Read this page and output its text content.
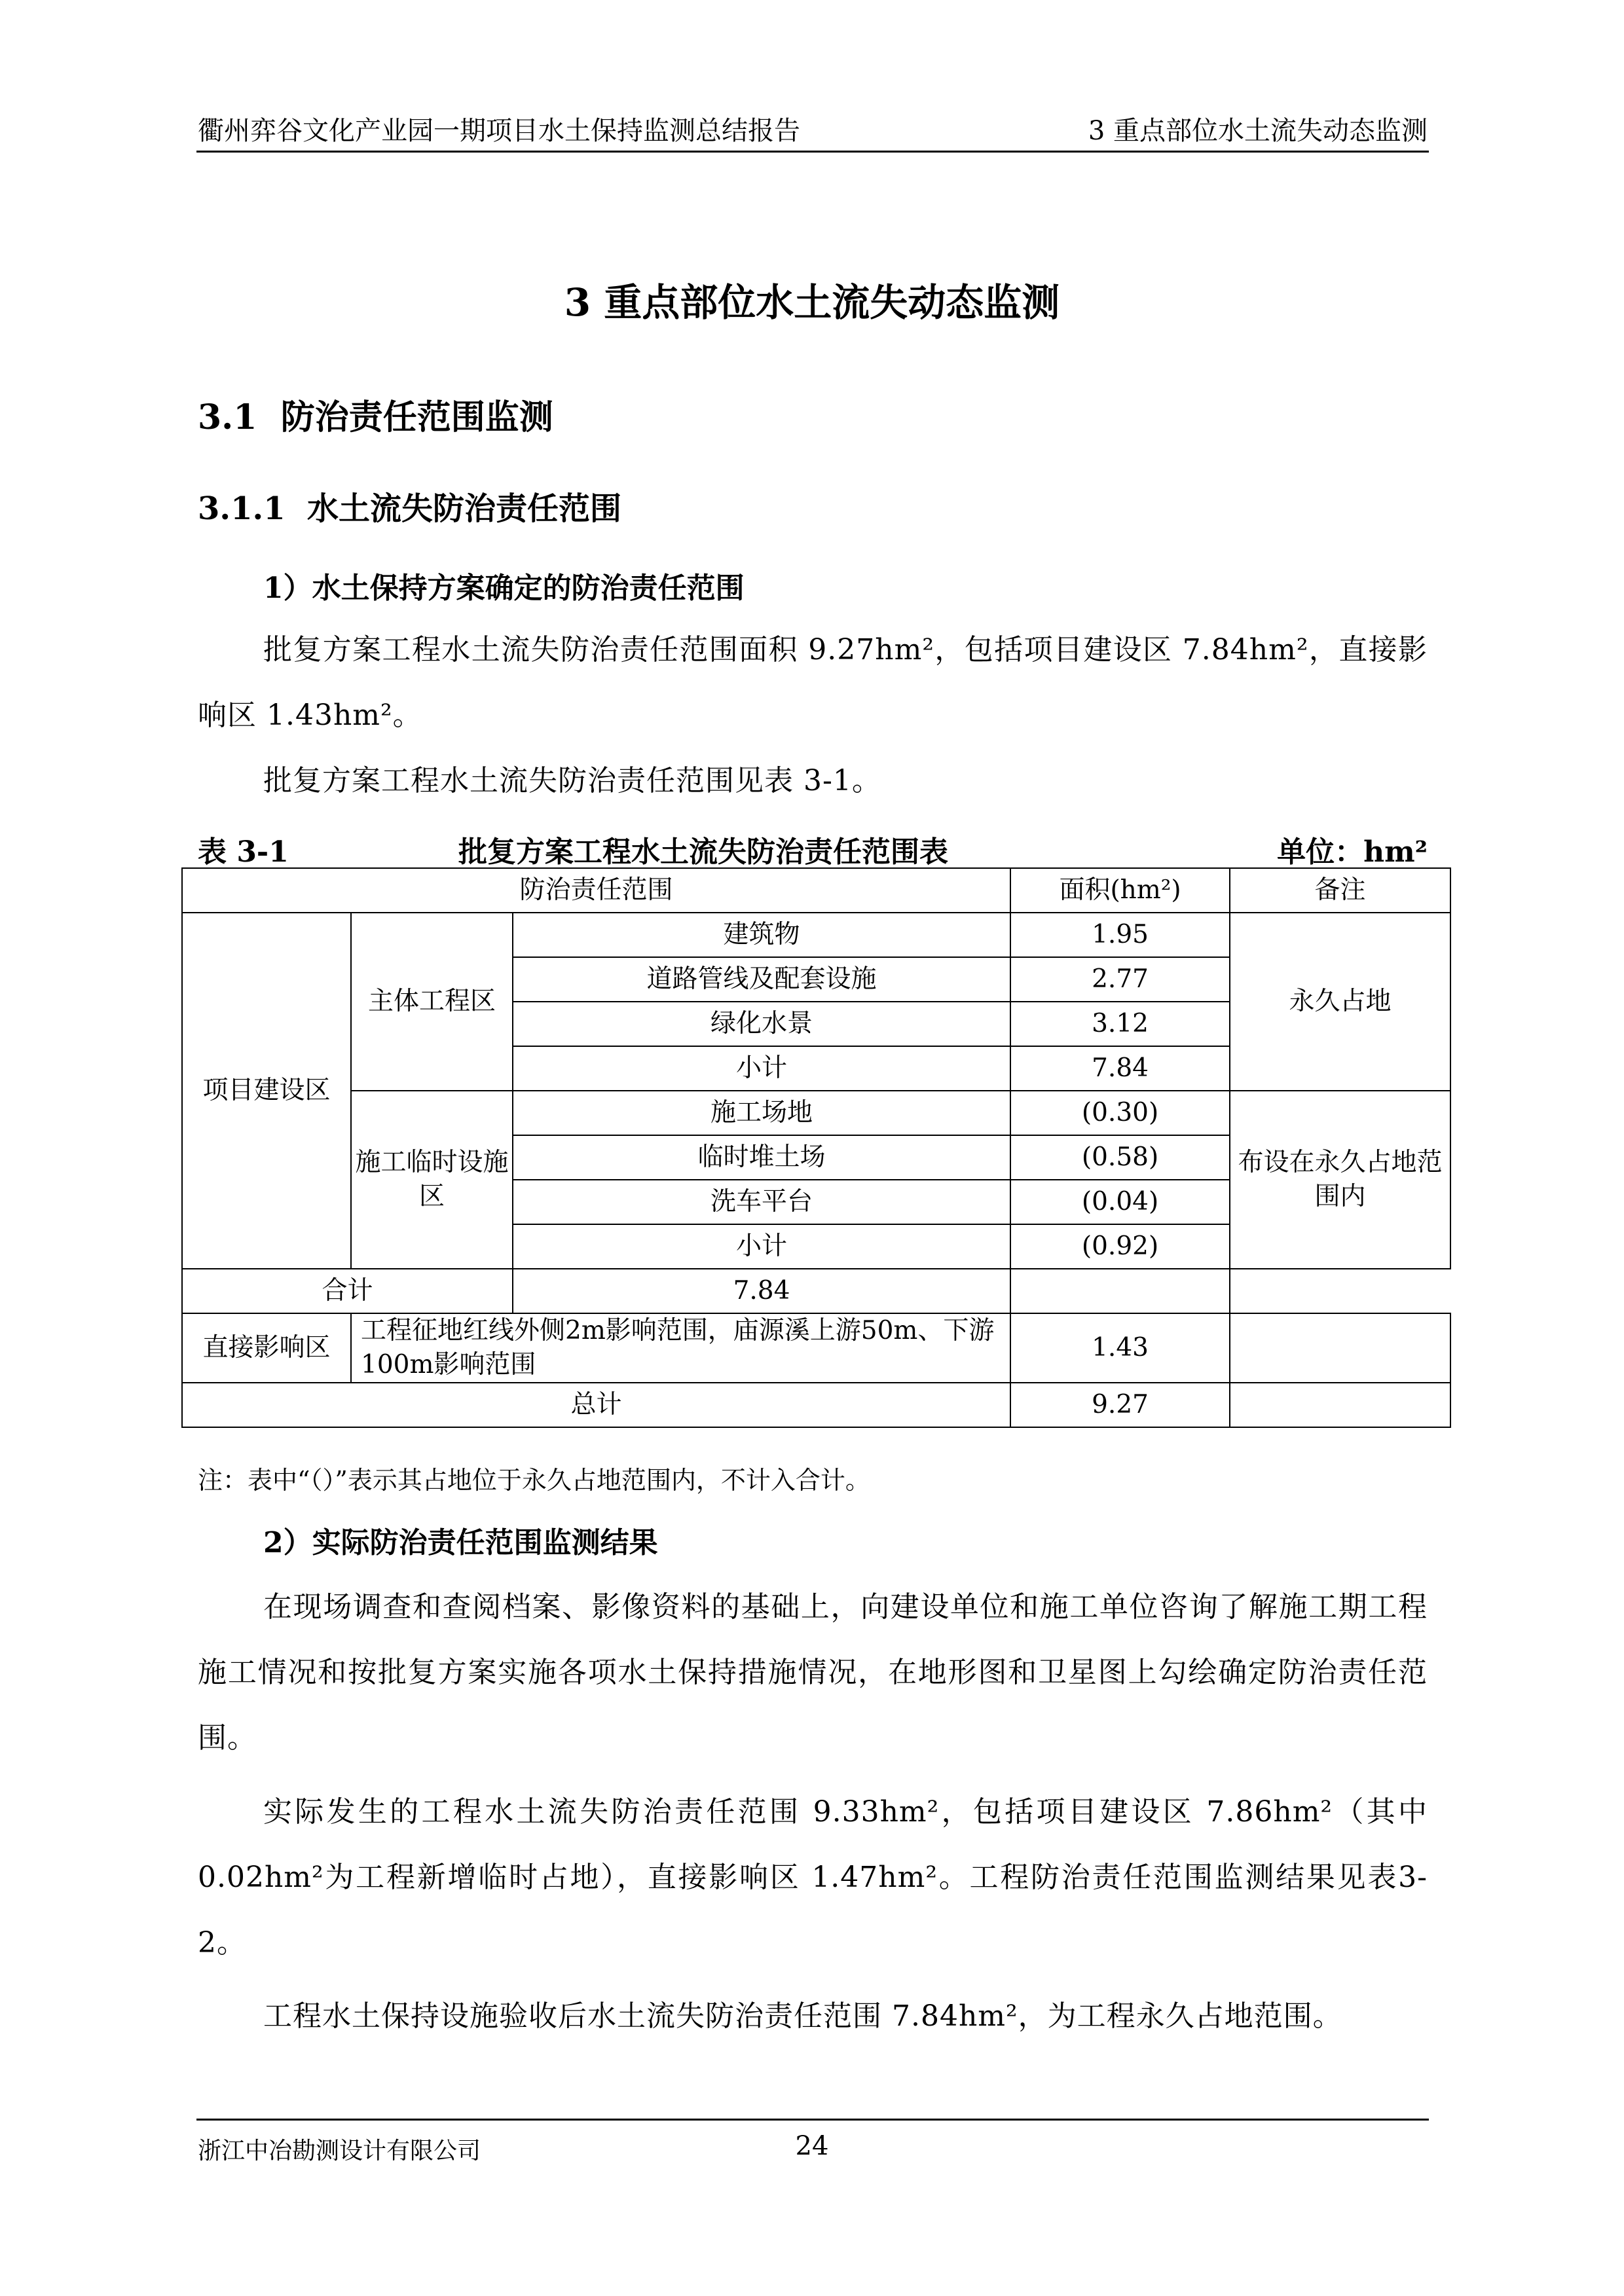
衢州弈谷文化产业园一期项目水土保持监测总结报告	3 重点部位水土流失动态监测
3 重点部位水土流失动态监测
3.1 防治责任范围监测
3.1.1 水土流失防治责任范围
1）水土保持方案确定的防治责任范围
批复方案工程水土流失防治责任范围面积 9.27hm²，包括项目建设区 7.84hm²，直接影响区 1.43hm²。
批复方案工程水土流失防治责任范围见表 3-1。
表 3-1	批复方案工程水土流失防治责任范围表	单位：hm²
防治责任范围			面积(hm²)	备注
项目建设区	主体工程区	建筑物	1.95	永久占地
		道路管线及配套设施	2.77	
		绿化水景	3.12	
		小计	7.84	
	施工临时设施区	施工场地	(0.30)	布设在永久占地范围内
		临时堆土场	(0.58)	
		洗车平台	(0.04)	
		小计	(0.92)	
合计		7.84		
直接影响区	工程征地红线外侧2m影响范围，庙源溪上游50m、下游100m影响范围		1.43	
总计			9.27	
注：表中“（）”表示其占地位于永久占地范围内，不计入合计。
2）实际防治责任范围监测结果
在现场调查和查阅档案、影像资料的基础上，向建设单位和施工单位咨询了解施工期工程施工情况和按批复方案实施各项水土保持措施情况，在地形图和卫星图上勾绘确定防治责任范围。
实际发生的工程水土流失防治责任范围 9.33hm²，包括项目建设区 7.86hm²（其中0.02hm²为工程新增临时占地），直接影响区 1.47hm²。工程防治责任范围监测结果见表3-2。
工程水土保持设施验收后水土流失防治责任范围 7.84hm²，为工程永久占地范围。
浙江中冶勘测设计有限公司	24
